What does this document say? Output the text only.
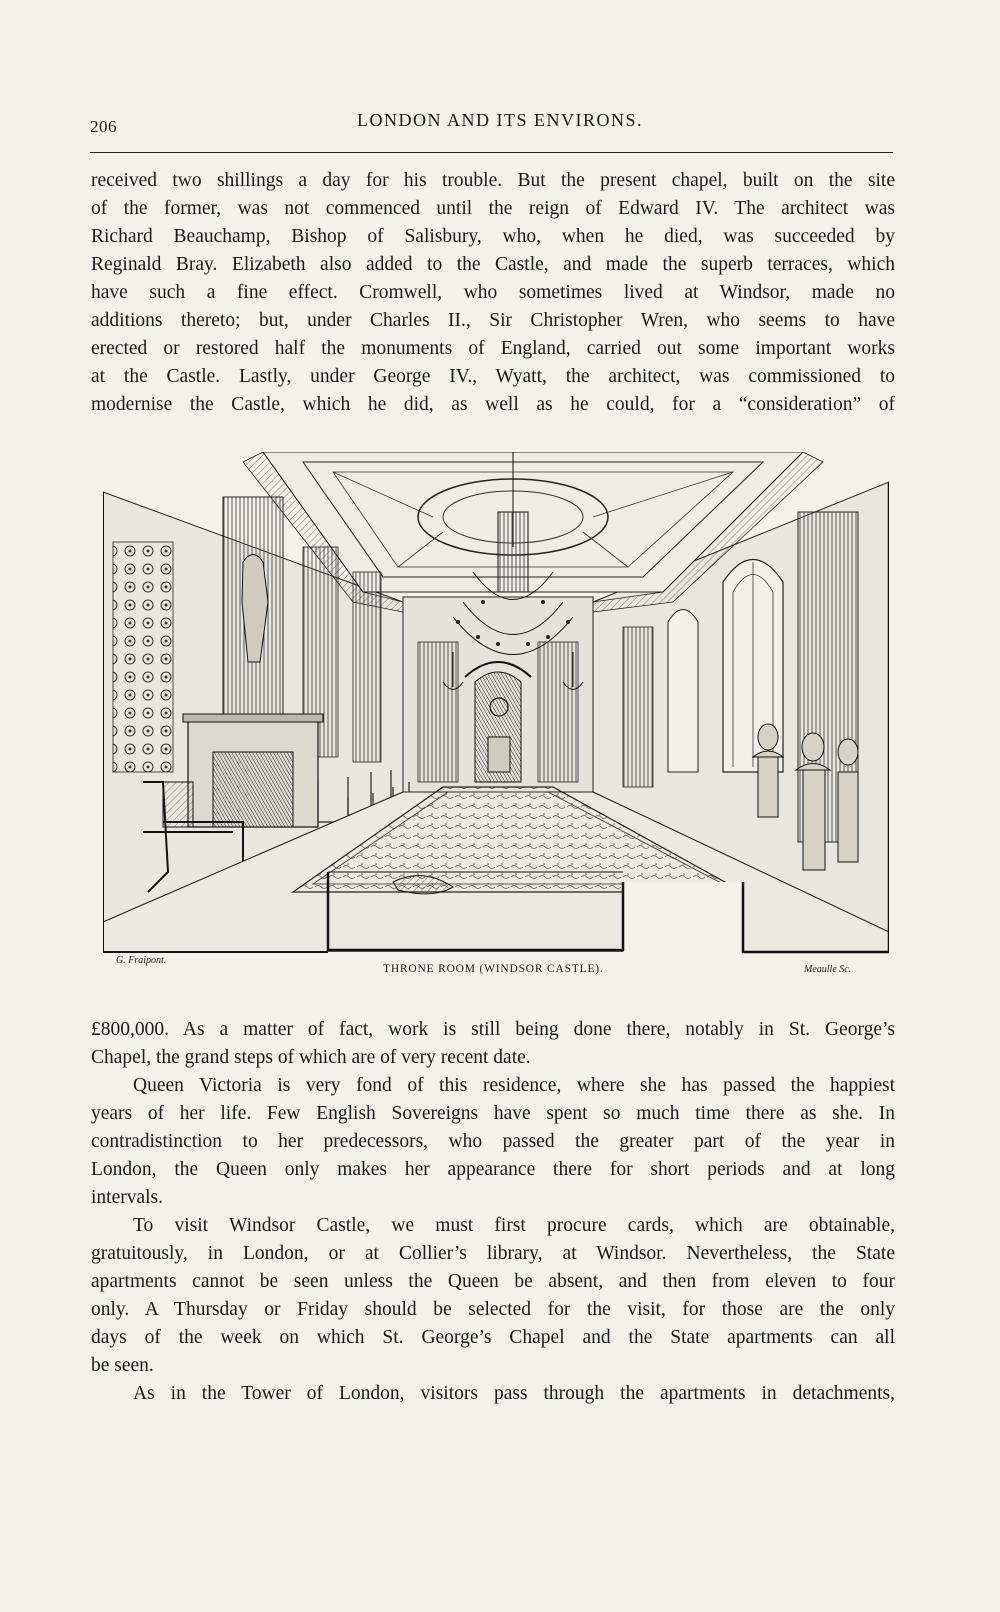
206	LONDON AND ITS ENVIRONS.

received two shillings a day for his trouble. But the present chapel, built on the site

of the former, was not commenced until the reign of Edward IV. The architect was

Richard Beauchamp, Bishop of Salisbury, who, when he died, was succeeded by

Reginald Bray. Elizabeth also added to the Castle, and made the superb terraces, which

have such a fine effect. Cromwell, who sometimes lived at Windsor, made no

additions thereto; but, under Charles II., Sir Christopher Wren, who seems to have

erected or restored half the monuments of England, carried out some important works

at the Castle. Lastly, under George IV., Wyatt, the architect, was commissioned to

modernise the Castle, which he did, as well as he could, for a “consideration” of

THRONE ROOM (WINDSOR CASTLE).
G. Fraipont.
Meaulle Sc.

£800,000. As a matter of fact, work is still being done there, notably in St. George’s

Chapel, the grand steps of which are of very recent date.

Queen Victoria is very fond of this residence, where she has passed the happiest

years of her life. Few English Sovereigns have spent so much time there as she. In

contradistinction to her predecessors, who passed the greater part of the year in

London, the Queen only makes her appearance there for short periods and at long

intervals.

To visit Windsor Castle, we must first procure cards, which are obtainable,

gratuitously, in London, or at Collier’s library, at Windsor. Nevertheless, the State

apartments cannot be seen unless the Queen be absent, and then from eleven to four

only. A Thursday or Friday should be selected for the visit, for those are the only

days of the week on which St. George’s Chapel and the State apartments can all

be seen.

As in the Tower of London, visitors pass through the apartments in detachments,
